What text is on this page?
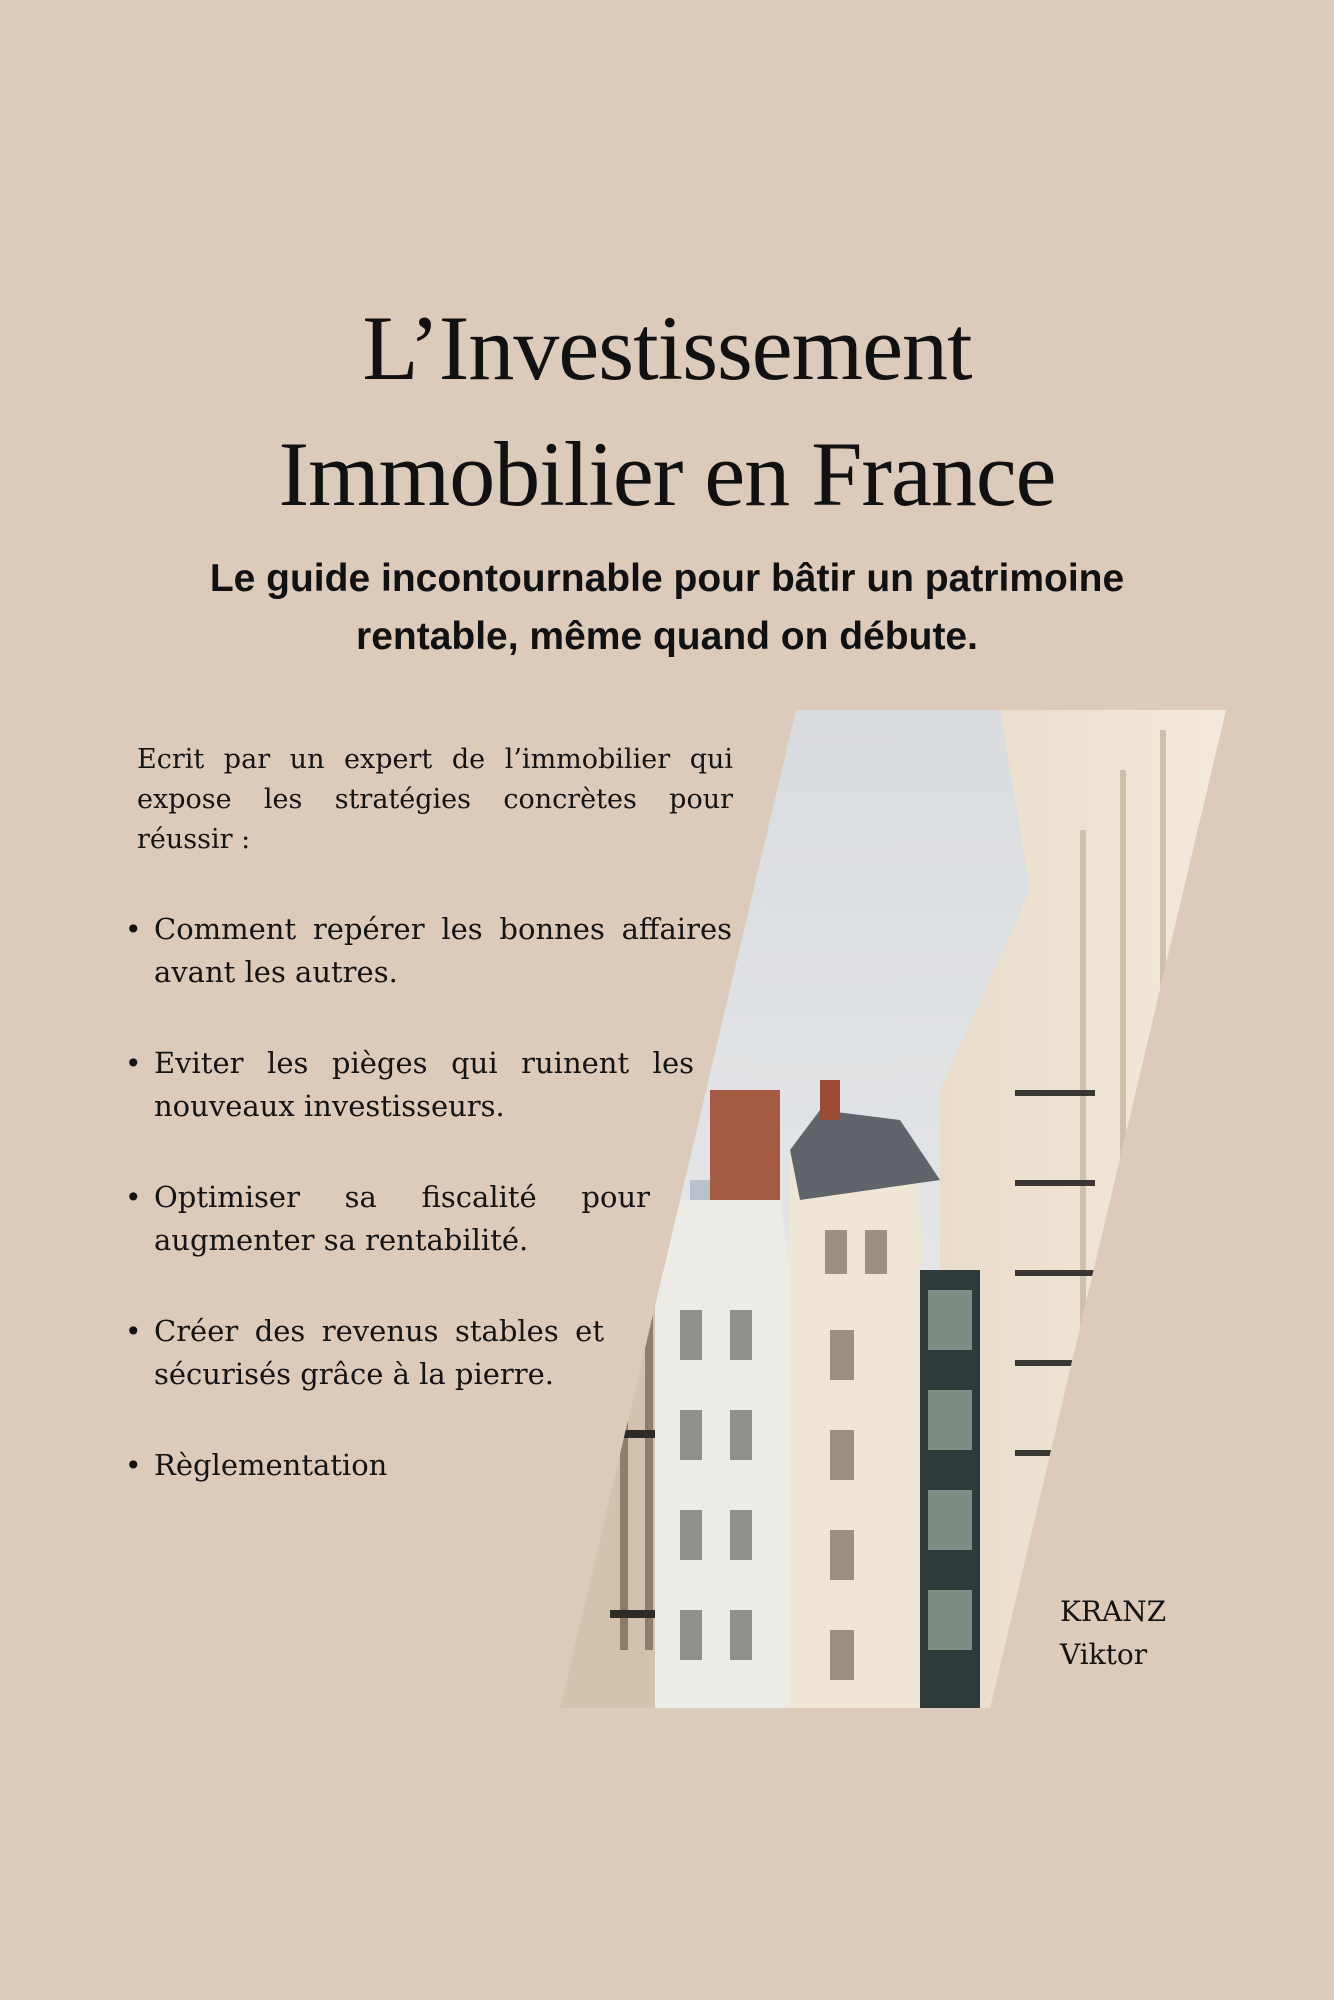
L’Investissement
Immobilier en France
Le guide incontournable pour bâtir un patrimoine
rentable, même quand on débute.

Ecrit par un expert de l’immobilier qui expose les stratégies concrètes pour réussir :

• Comment repérer les bonnes affaires avant les autres.
• Eviter les pièges qui ruinent les nouveaux investisseurs.
• Optimiser sa fiscalité pour augmenter sa rentabilité.
• Créer des revenus stables et sécurisés grâce à la pierre.
• Règlementation
KRANZ
Viktor
